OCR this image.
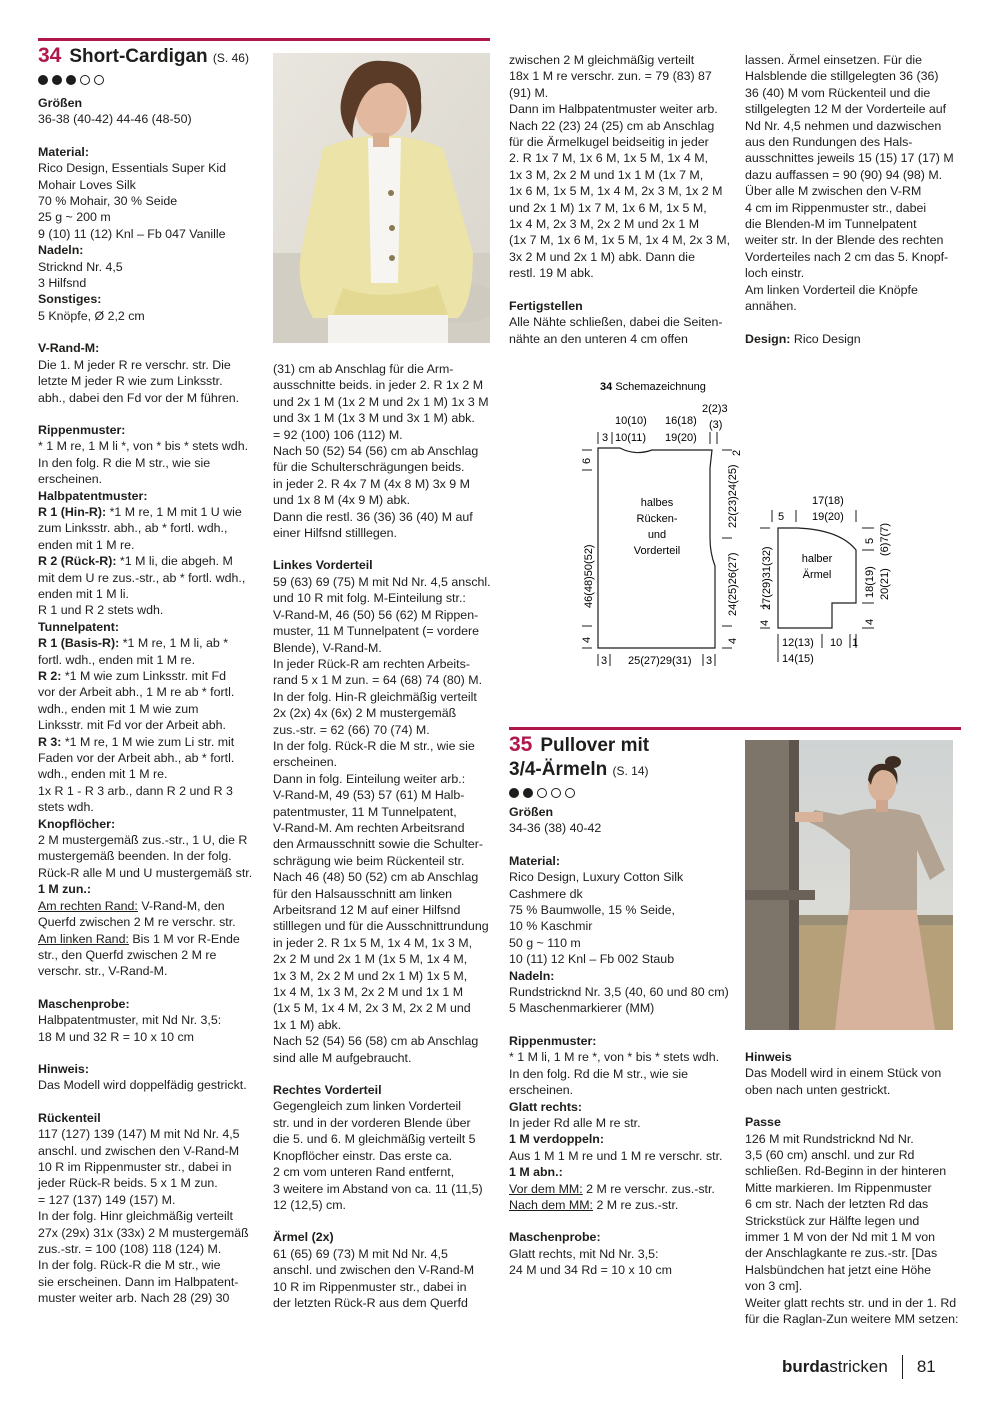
34 Short-Cardigan (S. 46)
Größen
36-38 (40-42) 44-46 (48-50)
Material:
Rico Design, Essentials Super Kid
Mohair Loves Silk
70 % Mohair, 30 % Seide
25 g ~ 200 m
9 (10) 11 (12) Knl – Fb 047 Vanille
Nadeln:
Stricknd Nr. 4,5
3 Hilfsnd
Sonstiges:
5 Knöpfe, Ø 2,2 cm
V-Rand-M:
Die 1. M jeder R re verschr. str. Die
letzte M jeder R wie zum Linksstr.
abh., dabei den Fd vor der M führen.
Rippenmuster:
* 1 M re, 1 M li *, von * bis * stets wdh.
In den folg. R die M str., wie sie
erscheinen.
Halbpatentmuster:
R 1 (Hin-R): *1 M re, 1 M mit 1 U wie
zum Linksstr. abh., ab * fortl. wdh.,
enden mit 1 M re.
R 2 (Rück-R): *1 M li, die abgeh. M
mit dem U re zus.-str., ab * fortl. wdh.,
enden mit 1 M li.
R 1 und R 2 stets wdh.
Tunnelpatent:
R 1 (Basis-R): *1 M re, 1 M li, ab *
fortl. wdh., enden mit 1 M re.
R 2: *1 M wie zum Linksstr. mit Fd
vor der Arbeit abh., 1 M re ab * fortl.
wdh., enden mit 1 M wie zum
Linksstr. mit Fd vor der Arbeit abh.
R 3: *1 M re, 1 M wie zum Li str. mit
Faden vor der Arbeit abh., ab * fortl.
wdh., enden mit 1 M re.
1x R 1 - R 3 arb., dann R 2 und R 3
stets wdh.
Knopflöcher:
2 M mustergemäß zus.-str., 1 U, die R
mustergemäß beenden. In der folg.
Rück-R alle M und U mustergemäß str.
1 M zun.:
Am rechten Rand: V-Rand-M, den
Querfd zwischen 2 M re verschr. str.
Am linken Rand: Bis 1 M vor R-Ende
str., den Querfd zwischen 2 M re
verschr. str., V-Rand-M.
Maschenprobe:
Halbpatentmuster, mit Nd Nr. 3,5:
18 M und 32 R = 10 x 10 cm
Hinweis:
Das Modell wird doppelfädig gestrickt.
Rückenteil
117 (127) 139 (147) M mit Nd Nr. 4,5
anschl. und zwischen den V-Rand-M
10 R im Rippenmuster str., dabei in
jeder Rück-R beids. 5 x 1 M zun.
= 127 (137) 149 (157) M.
In der folg. Hinr gleichmäßig verteilt
27x (29x) 31x (33x) 2 M mustergemäß
zus.-str. = 100 (108) 118 (124) M.
In der folg. Rück-R die M str., wie
sie erscheinen. Dann im Halbpatent-
muster weiter arb. Nach 28 (29) 30
(31) cm ab Anschlag für die Arm-
ausschnitte beids. in jeder 2. R 1x 2 M
und 2x 1 M (1x 2 M und 2x 1 M) 1x 3 M
und 3x 1 M (1x 3 M und 3x 1 M) abk.
= 92 (100) 106 (112) M.
Nach 50 (52) 54 (56) cm ab Anschlag
für die Schulterschrägungen beids.
in jeder 2. R 4x 7 M (4x 8 M) 3x 9 M
und 1x 8 M (4x 9 M) abk.
Dann die restl. 36 (36) 36 (40) M auf
einer Hilfsnd stilllegen.
Linkes Vorderteil
59 (63) 69 (75) M mit Nd Nr. 4,5 anschl.
und 10 R mit folg. M-Einteilung str.:
V-Rand-M, 46 (50) 56 (62) M Rippen-
muster, 11 M Tunnelpatent (= vordere
Blende), V-Rand-M.
In jeder Rück-R am rechten Arbeits-
rand 5 x 1 M zun. = 64 (68) 74 (80) M.
In der folg. Hin-R gleichmäßig verteilt
2x (2x) 4x (6x) 2 M mustergemäß
zus.-str. = 62 (66) 70 (74) M.
In der folg. Rück-R die M str., wie sie
erscheinen.
Dann in folg. Einteilung weiter arb.:
V-Rand-M, 49 (53) 57 (61) M Halb-
patentmuster, 11 M Tunnelpatent,
V-Rand-M. Am rechten Arbeitsrand
den Armausschnitt sowie die Schulter-
schrägung wie beim Rückenteil str.
Nach 46 (48) 50 (52) cm ab Anschlag
für den Halsausschnitt am linken
Arbeitsrand 12 M auf einer Hilfsnd
stilllegen und für die Ausschnittrundung
in jeder 2. R 1x 5 M, 1x 4 M, 1x 3 M,
2x 2 M und 2x 1 M (1x 5 M, 1x 4 M,
1x 3 M, 2x 2 M und 2x 1 M) 1x 5 M,
1x 4 M, 1x 3 M, 2x 2 M und 1x 1 M
(1x 5 M, 1x 4 M, 2x 3 M, 2x 2 M und
1x 1 M) abk.
Nach 52 (54) 56 (58) cm ab Anschlag
sind alle M aufgebraucht.
Rechtes Vorderteil
Gegengleich zum linken Vorderteil
str. und in der vorderen Blende über
die 5. und 6. M gleichmäßig verteilt 5
Knopflöcher einstr. Das erste ca.
2 cm vom unteren Rand entfernt,
3 weitere im Abstand von ca. 11 (11,5)
12 (12,5) cm.
Ärmel (2x)
61 (65) 69 (73) M mit Nd Nr. 4,5
anschl. und zwischen den V-Rand-M
10 R im Rippenmuster str., dabei in
der letzten Rück-R aus dem Querfd
zwischen 2 M gleichmäßig verteilt
18x 1 M re verschr. zun. = 79 (83) 87
(91) M.
Dann im Halbpatentmuster weiter arb.
Nach 22 (23) 24 (25) cm ab Anschlag
für die Ärmelkugel beidseitig in jeder
2. R 1x 7 M, 1x 6 M, 1x 5 M, 1x 4 M,
1x 3 M, 2x 2 M und 1x 1 M (1x 7 M,
1x 6 M, 1x 5 M, 1x 4 M, 2x 3 M, 1x 2 M
und 2x 1 M) 1x 7 M, 1x 6 M, 1x 5 M,
1x 4 M, 2x 3 M, 2x 2 M und 2x 1 M
(1x 7 M, 1x 6 M, 1x 5 M, 1x 4 M, 2x 3 M,
3x 2 M und 2x 1 M) abk. Dann die
restl. 19 M abk.
Fertigstellen
Alle Nähte schließen, dabei die Seiten-
nähte an den unteren 4 cm offen
lassen. Ärmel einsetzen. Für die
Halsblende die stillgelegten 36 (36)
36 (40) M vom Rückenteil und die
stillgelegten 12 M der Vorderteile auf
Nd Nr. 4,5 nehmen und dazwischen
aus den Rundungen des Hals-
ausschnittes jeweils 15 (15) 17 (17) M
dazu auffassen = 90 (90) 94 (98) M.
Über alle M zwischen den V-RM
4 cm im Rippenmuster str., dabei
die Blenden-M im Tunnelpatent
weiter str. In der Blende des rechten
Vorderteiles nach 2 cm das 5. Knopf-
loch einstr.
Am linken Vorderteil die Knöpfe
annähen.
Design: Rico Design
34 Schemazeichnung
halbes Rücken-und Vorderteil
10(10) 16(18)
2(2)3
(3)
3 10(11) 19(20)
6
46(48)50(52)
4
2
22(23)24(25)
24(25)26(27)
4
3 25(27)29(31) 3
halber Ärmel
17(18)
5	19(20)
27(29)31(32)
4
5 (6)7(7)
18(19) 20(21)
4
12(13) 10 1
14(15)
35 Pullover mit
3/4-Ärmeln (S. 14)
Größen
34-36 (38) 40-42
Material:
Rico Design, Luxury Cotton Silk
Cashmere dk
75 % Baumwolle, 15 % Seide,
10 % Kaschmir
50 g ~ 110 m
10 (11) 12 Knl – Fb 002 Staub
Nadeln:
Rundstricknd Nr. 3,5 (40, 60 und 80 cm)
5 Maschenmarkierer (MM)
Rippenmuster:
* 1 M li, 1 M re *, von * bis * stets wdh.
In den folg. Rd die M str., wie sie
erscheinen.
Glatt rechts:
In jeder Rd alle M re str.
1 M verdoppeln:
Aus 1 M 1 M re und 1 M re verschr. str.
1 M abn.:
Vor dem MM: 2 M re verschr. zus.-str.
Nach dem MM: 2 M re zus.-str.
Maschenprobe:
Glatt rechts, mit Nd Nr. 3,5:
24 M und 34 Rd = 10 x 10 cm
Hinweis
Das Modell wird in einem Stück von
oben nach unten gestrickt.
Passe
126 M mit Rundstricknd Nd Nr.
3,5 (60 cm) anschl. und zur Rd
schließen. Rd-Beginn in der hinteren
Mitte markieren. Im Rippenmuster
6 cm str. Nach der letzten Rd das
Strickstück zur Hälfte legen und
immer 1 M von der Nd mit 1 M von
der Anschlagkante re zus.-str. [Das
Halsbündchen hat jetzt eine Höhe
von 3 cm].
Weiter glatt rechts str. und in der 1. Rd
für die Raglan-Zun weitere MM setzen:
burdastricken 81
